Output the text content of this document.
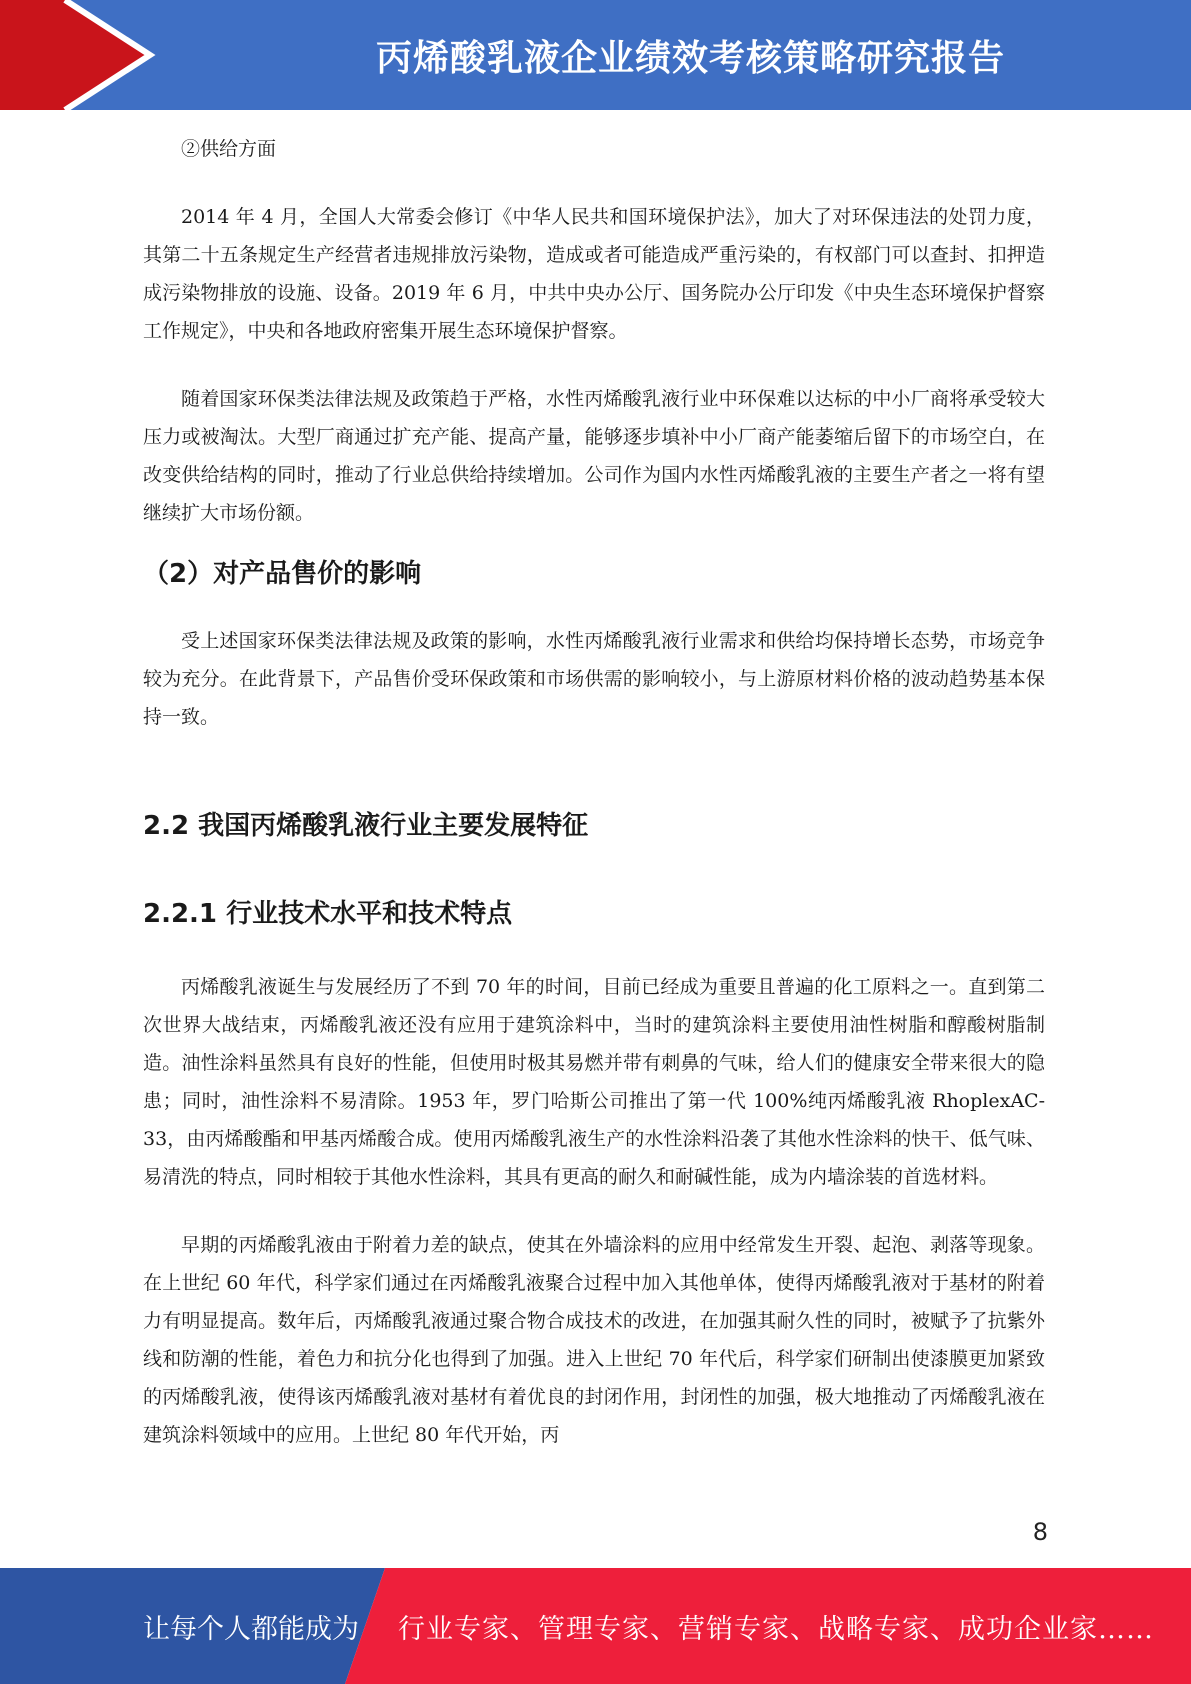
丙烯酸乳液企业绩效考核策略研究报告

②供给方面

2014 年 4 月，全国人大常委会修订《中华人民共和国环境保护法》，加大了对环保违法的处罚力度，其第二十五条规定生产经营者违规排放污染物，造成或者可能造成严重污染的，有权部门可以查封、扣押造成污染物排放的设施、设备。2019 年 6 月，中共中央办公厅、国务院办公厅印发《中央生态环境保护督察工作规定》，中央和各地政府密集开展生态环境保护督察。

随着国家环保类法律法规及政策趋于严格，水性丙烯酸乳液行业中环保难以达标的中小厂商将承受较大压力或被淘汰。大型厂商通过扩充产能、提高产量，能够逐步填补中小厂商产能萎缩后留下的市场空白，在改变供给结构的同时，推动了行业总供给持续增加。公司作为国内水性丙烯酸乳液的主要生产者之一将有望继续扩大市场份额。

（2）对产品售价的影响

受上述国家环保类法律法规及政策的影响，水性丙烯酸乳液行业需求和供给均保持增长态势，市场竞争较为充分。在此背景下，产品售价受环保政策和市场供需的影响较小，与上游原材料价格的波动趋势基本保持一致。

2.2 我国丙烯酸乳液行业主要发展特征
2.2.1 行业技术水平和技术特点

丙烯酸乳液诞生与发展经历了不到 70 年的时间，目前已经成为重要且普遍的化工原料之一。直到第二次世界大战结束，丙烯酸乳液还没有应用于建筑涂料中，当时的建筑涂料主要使用油性树脂和醇酸树脂制造。油性涂料虽然具有良好的性能，但使用时极其易燃并带有刺鼻的气味，给人们的健康安全带来很大的隐患；同时，油性涂料不易清除。1953 年，罗门哈斯公司推出了第一代 100%纯丙烯酸乳液 RhoplexAC-33，由丙烯酸酯和甲基丙烯酸合成。使用丙烯酸乳液生产的水性涂料沿袭了其他水性涂料的快干、低气味、易清洗的特点，同时相较于其他水性涂料，其具有更高的耐久和耐碱性能，成为内墙涂装的首选材料。

早期的丙烯酸乳液由于附着力差的缺点，使其在外墙涂料的应用中经常发生开裂、起泡、剥落等现象。在上世纪 60 年代，科学家们通过在丙烯酸乳液聚合过程中加入其他单体，使得丙烯酸乳液对于基材的附着力有明显提高。数年后，丙烯酸乳液通过聚合物合成技术的改进，在加强其耐久性的同时，被赋予了抗紫外线和防潮的性能，着色力和抗分化也得到了加强。进入上世纪 70 年代后，科学家们研制出使漆膜更加紧致的丙烯酸乳液，使得该丙烯酸乳液对基材有着优良的封闭作用，封闭性的加强，极大地推动了丙烯酸乳液在建筑涂料领域中的应用。上世纪 80 年代开始，丙

8
让每个人都能成为 行业专家、管理专家、营销专家、战略专家、成功企业家……
